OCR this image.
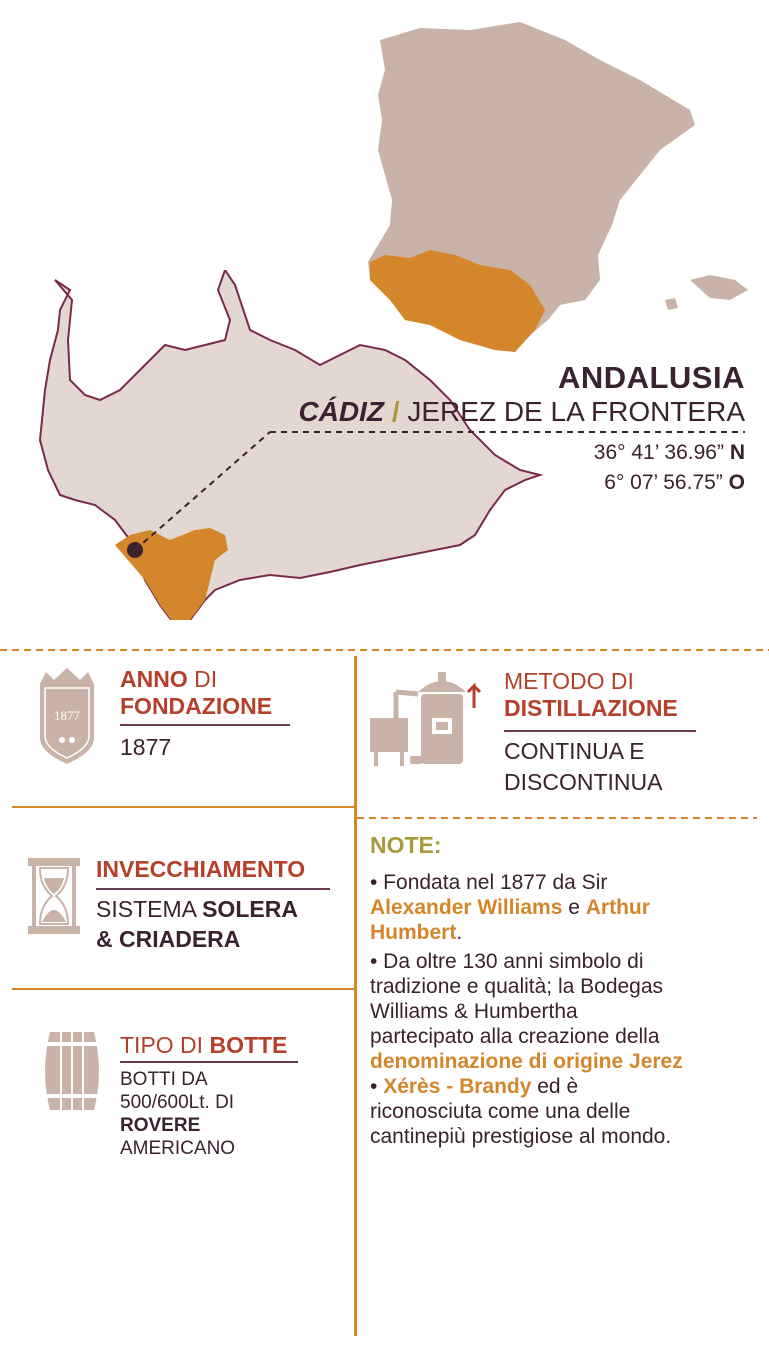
ANDALUSIA
CÁDIZ / JEREZ DE LA FRONTERA
36° 41’ 36.96” N
6° 07’ 56.75” O
1877
ANNO DI
FONDAZIONE
1877
METODO DI
DISTILLAZIONE
CONTINUA E
DISCONTINUA
INVECCHIAMENTO
SISTEMA SOLERA
& CRIADERA
TIPO DI BOTTE
BOTTI DA
500/600Lt. DI
ROVERE
AMERICANO
NOTE:
• Fondata nel 1877 da Sir
Alexander Williams e Arthur
Humbert.
• Da oltre 130 anni simbolo di
tradizione e qualità; la Bodegas
Williams & Humbertha
partecipato alla creazione della
denominazione di origine Jerez
• Xérès - Brandy ed è
riconosciuta come una delle
cantinepiù prestigiose al mondo.
